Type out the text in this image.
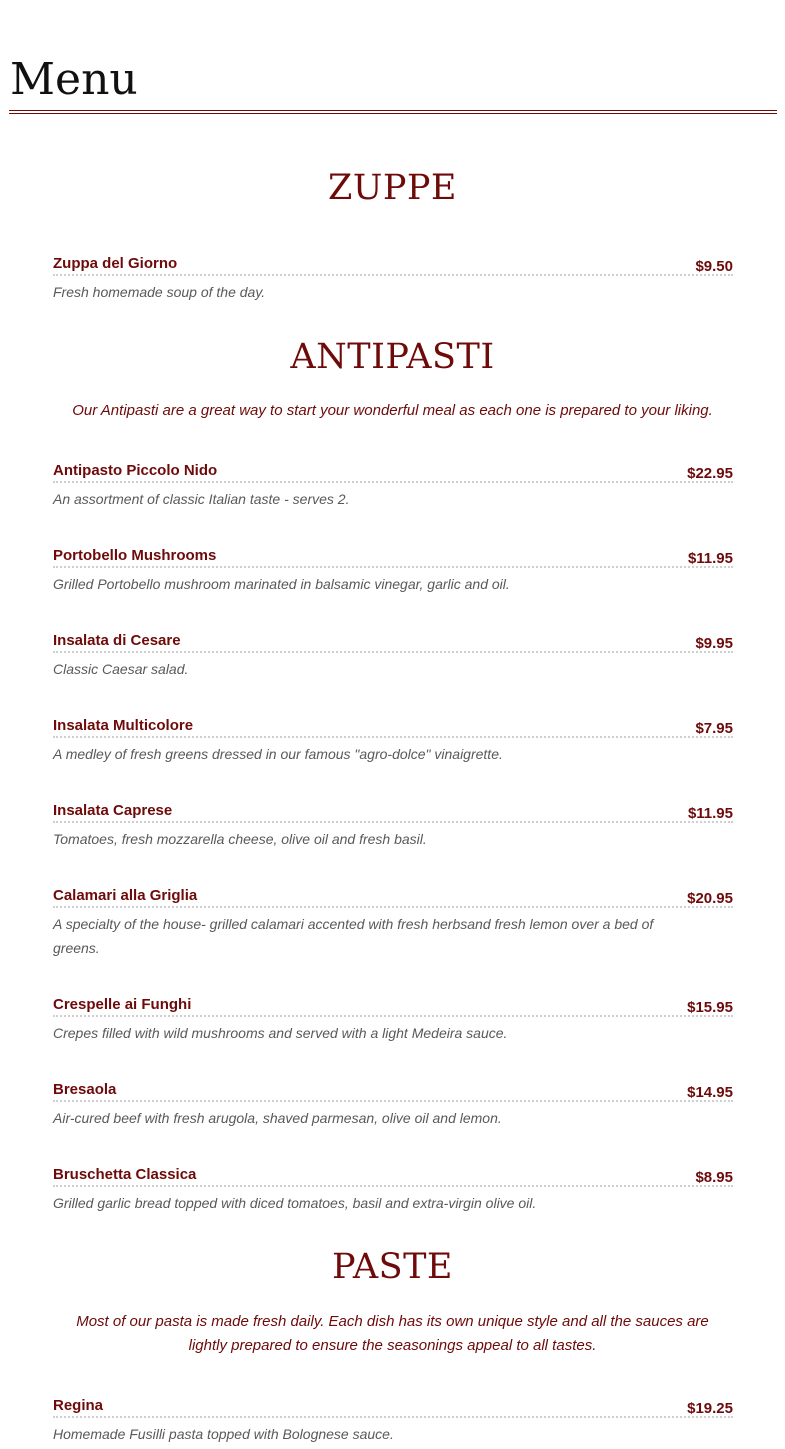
Menu
ZUPPE
Zuppa del Giorno	$9.50

Fresh homemade soup of the day.

ANTIPASTI

Our Antipasti are a great way to start your wonderful meal as each one is prepared to your liking.

Antipasto Piccolo Nido	$22.95

An assortment of classic Italian taste - serves 2.

Portobello Mushrooms	$11.95

Grilled Portobello mushroom marinated in balsamic vinegar, garlic and oil.

Insalata di Cesare	$9.95

Classic Caesar salad.

Insalata Multicolore	$7.95

A medley of fresh greens dressed in our famous "agro-dolce" vinaigrette.

Insalata Caprese	$11.95

Tomatoes, fresh mozzarella cheese, olive oil and fresh basil.

Calamari alla Griglia	$20.95

A specialty of the house- grilled calamari accented with fresh herbsand fresh lemon over a bed of greens.

Crespelle ai Funghi	$15.95

Crepes filled with wild mushrooms and served with a light Medeira sauce.

Bresaola	$14.95

Air-cured beef with fresh arugola, shaved parmesan, olive oil and lemon.

Bruschetta Classica	$8.95

Grilled garlic bread topped with diced tomatoes, basil and extra-virgin olive oil.

PASTE

Most of our pasta is made fresh daily. Each dish has its own unique style and all the sauces are lightly prepared to ensure the seasonings appeal to all tastes.

Regina	$19.25

Homemade Fusilli pasta topped with Bolognese sauce.
